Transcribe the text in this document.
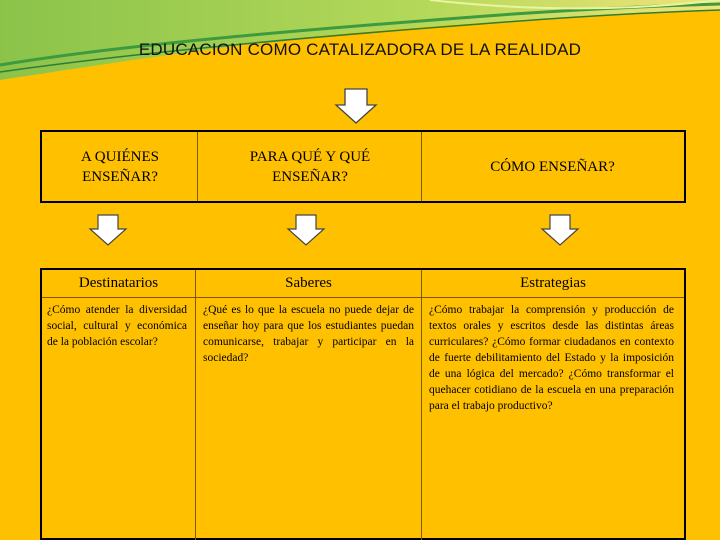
EDUCACION COMO CATALIZADORA DE LA REALIDAD
A QUIÉNES ENSEÑAR?
PARA QUÉ Y QUÉ ENSEÑAR?
CÓMO ENSEÑAR?
Destinatarios	Saberes	Estrategias
¿Cómo atender la diversidad social, cultural y económica de la población escolar?
¿Qué es lo que la escuela no puede dejar de enseñar hoy para que los estudiantes puedan comunicarse, trabajar y participar en la sociedad?
¿Cómo trabajar la comprensión y producción de textos orales y escritos desde las distintas áreas curriculares? ¿Cómo formar ciudadanos en contexto de fuerte debilitamiento del Estado y la imposición de una lógica del mercado? ¿Cómo transformar el quehacer cotidiano de la escuela en una preparación para el trabajo productivo?
